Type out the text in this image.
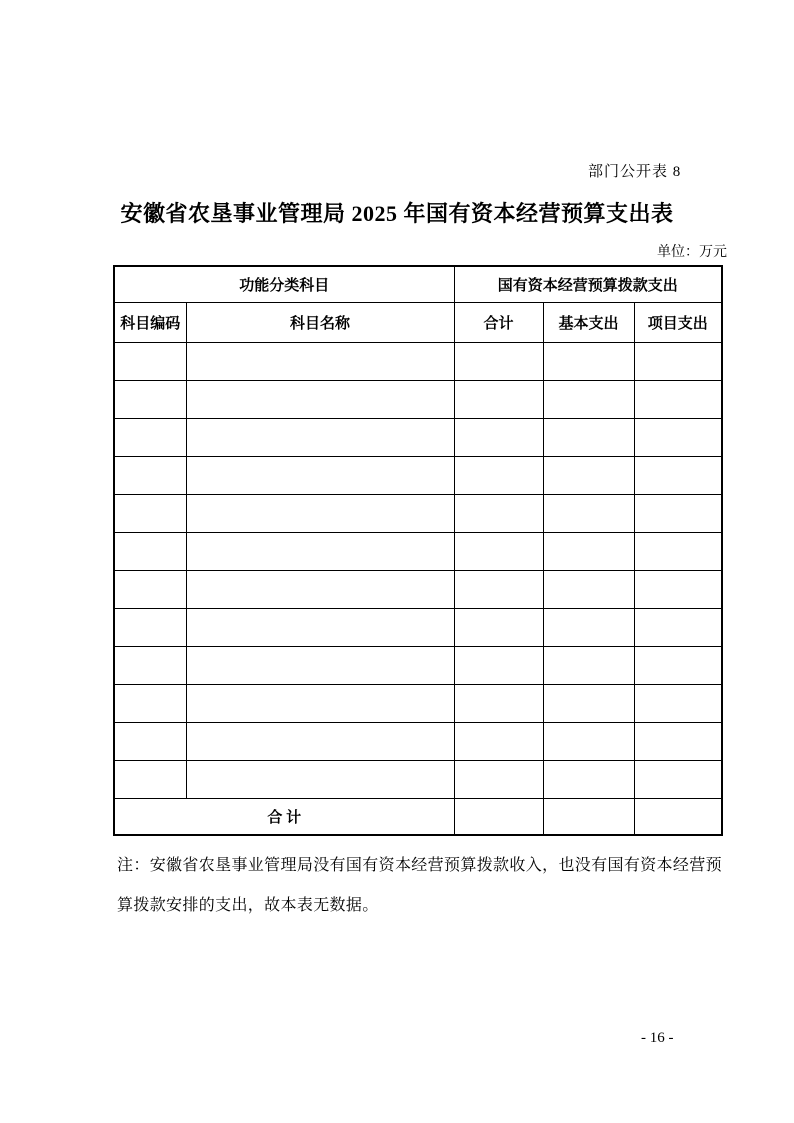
部门公开表 8
安徽省农垦事业管理局 2025 年国有资本经营预算支出表
单位：万元
功能分类科目		国有资本经营预算拨款支出		
科目编码	科目名称	合计	基本支出	项目支出

合 计				
注：安徽省农垦事业管理局没有国有资本经营预算拨款收入，也没有国有资本经营预
算拨款安排的支出，故本表无数据。
- 16 -
